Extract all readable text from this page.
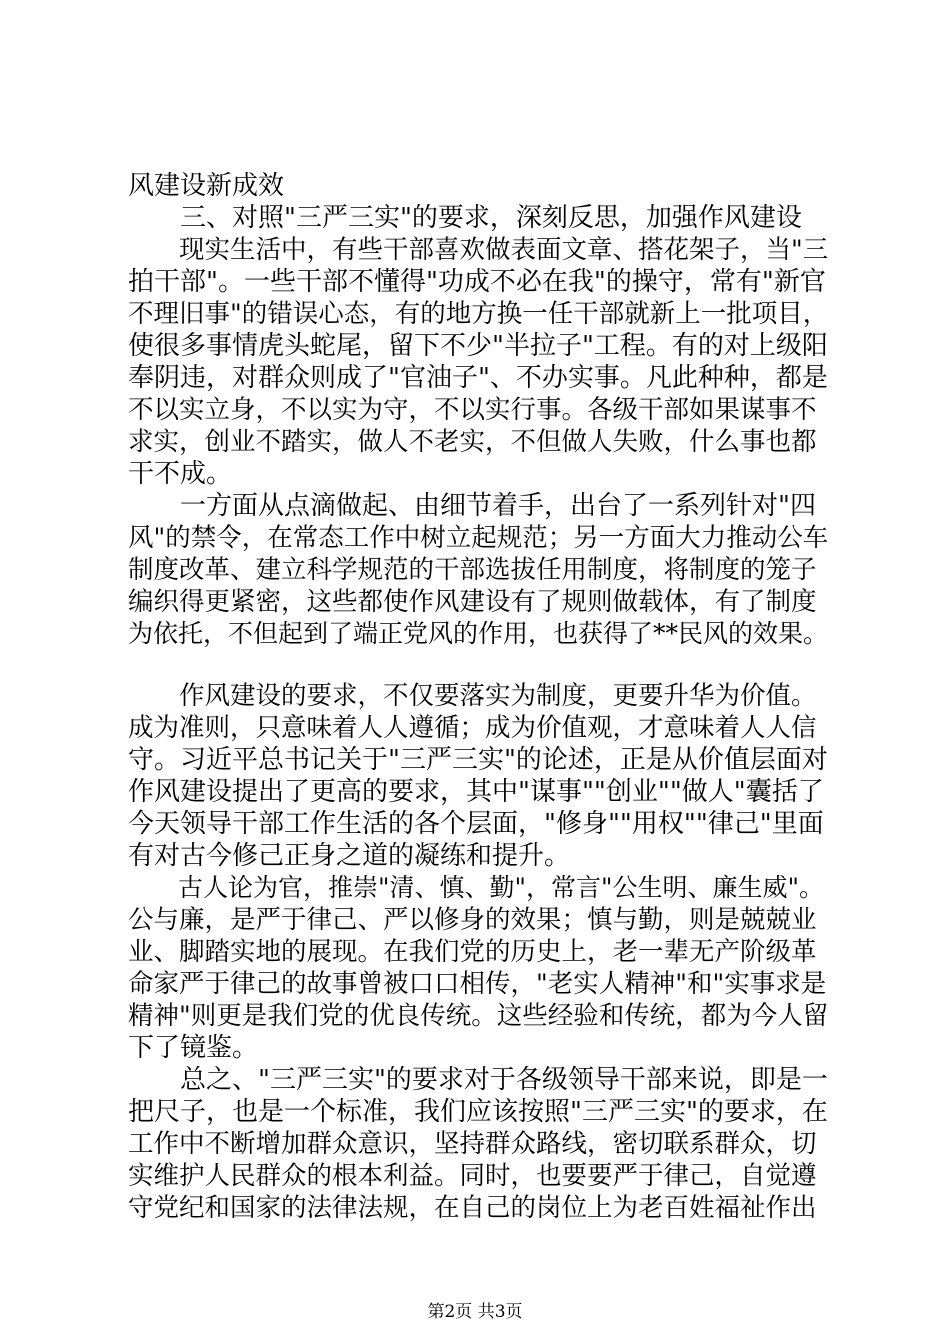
风建设新成效
　　三、对照"三严三实"的要求，深刻反思，加强作风建设
　　现实生活中，有些干部喜欢做表面文章、搭花架子，当"三
拍干部"。一些干部不懂得"功成不必在我"的操守，常有"新官
不理旧事"的错误心态，有的地方换一任干部就新上一批项目，
使很多事情虎头蛇尾，留下不少"半拉子"工程。有的对上级阳
奉阴违，对群众则成了"官油子"、不办实事。凡此种种，都是
不以实立身，不以实为守，不以实行事。各级干部如果谋事不
求实，创业不踏实，做人不老实，不但做人失败，什么事也都
干不成。
　　一方面从点滴做起、由细节着手，出台了一系列针对"四
风"的禁令，在常态工作中树立起规范；另一方面大力推动公车
制度改革、建立科学规范的干部选拔任用制度，将制度的笼子
编织得更紧密，这些都使作风建设有了规则做载体，有了制度
为依托，不但起到了端正党风的作用，也获得了**民风的效果。
　　作风建设的要求，不仅要落实为制度，更要升华为价值。
成为准则，只意味着人人遵循；成为价值观，才意味着人人信
守。习近平总书记关于"三严三实"的论述，正是从价值层面对
作风建设提出了更高的要求，其中"谋事""创业""做人"囊括了
今天领导干部工作生活的各个层面，"修身""用权""律己"里面
有对古今修己正身之道的凝练和提升。
　　古人论为官，推崇"清、慎、勤"，常言"公生明、廉生威"。
公与廉，是严于律己、严以修身的效果；慎与勤，则是兢兢业
业、脚踏实地的展现。在我们党的历史上，老一辈无产阶级革
命家严于律己的故事曾被口口相传，"老实人精神"和"实事求是
精神"则更是我们党的优良传统。这些经验和传统，都为今人留
下了镜鉴。
　　总之、"三严三实"的要求对于各级领导干部来说，即是一
把尺子，也是一个标准，我们应该按照"三严三实"的要求，在
工作中不断增加群众意识，坚持群众路线，密切联系群众，切
实维护人民群众的根本利益。同时，也要要严于律己，自觉遵
守党纪和国家的法律法规，在自己的岗位上为老百姓福祉作出
第2页 共3页
